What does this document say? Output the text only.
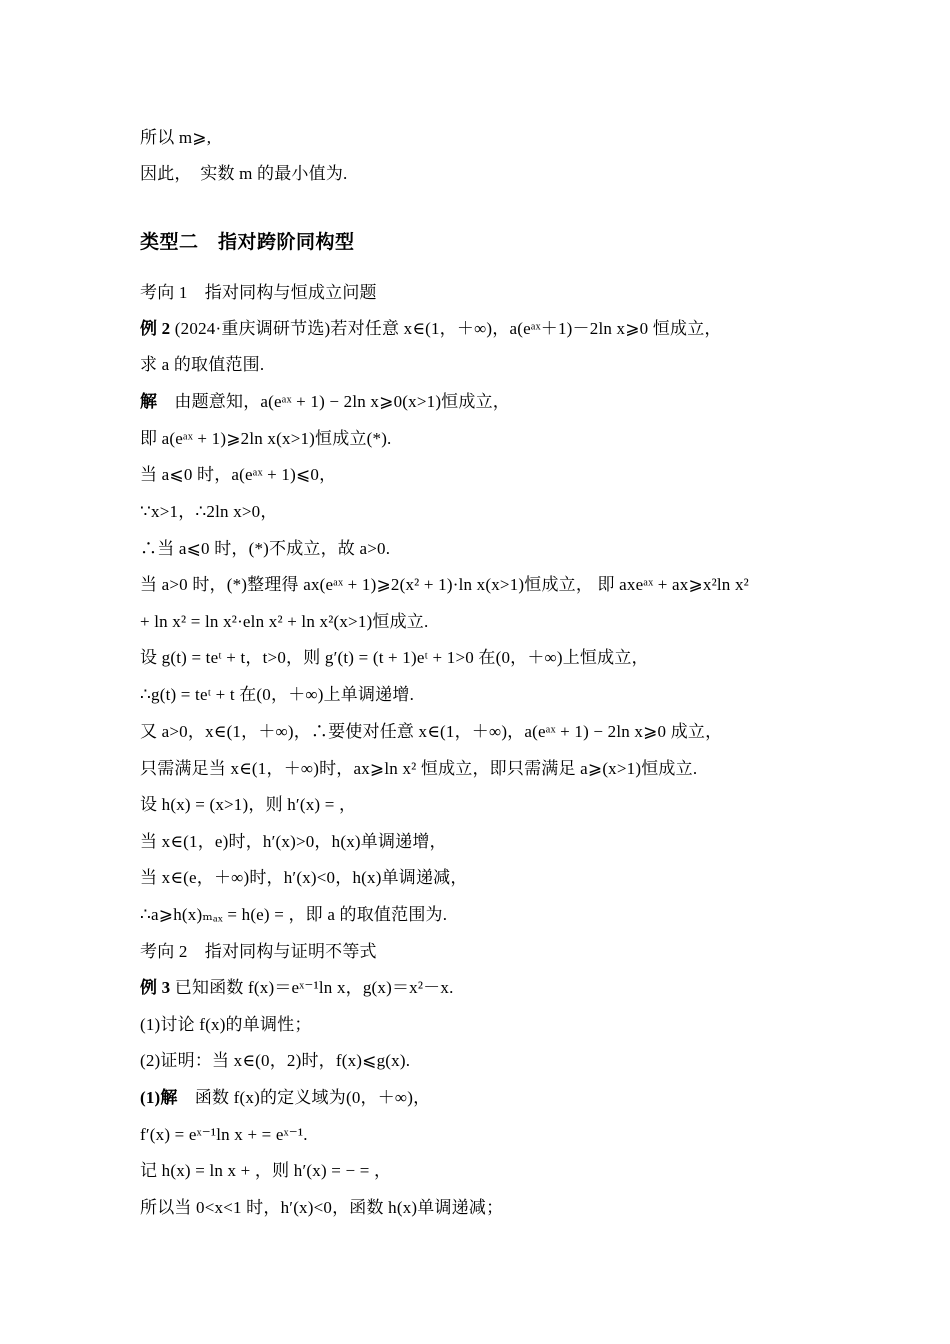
所以 m⩾,
因此，　实数 m 的最小值为.
类型二　指对跨阶同构型
考向 1　指对同构与恒成立问题
例 2 (2024·重庆调研节选)若对任意 x∈(1，＋∞)，a(eᵃˣ＋1)－2ln x⩾0 恒成立，
求 a 的取值范围.
解　由题意知，a(eᵃˣ + 1) − 2ln x⩾0(x>1)恒成立，
即 a(eᵃˣ + 1)⩾2ln x(x>1)恒成立(*).
当 a⩽0 时，a(eᵃˣ + 1)⩽0，
∵x>1，∴2ln x>0，
∴当 a⩽0 时，(*)不成立，故 a>0.
当 a>0 时，(*)整理得 ax(eᵃˣ + 1)⩾2(x² + 1)·ln x(x>1)恒成立， 即 axeᵃˣ + ax⩾x²ln x²
+ ln x² = ln x²·eln x² + ln x²(x>1)恒成立.
设 g(t) = teᵗ + t，t>0，则 g′(t) = (t + 1)eᵗ + 1>0 在(0，＋∞)上恒成立，
∴g(t) = teᵗ + t 在(0，＋∞)上单调递增.
又 a>0，x∈(1，＋∞)，∴要使对任意 x∈(1，＋∞)，a(eᵃˣ + 1) − 2ln x⩾0 成立，
只需满足当 x∈(1，＋∞)时，ax⩾ln x² 恒成立，即只需满足 a⩾(x>1)恒成立.
设 h(x) = (x>1)，则 h′(x) = ，
当 x∈(1，e)时，h′(x)>0，h(x)单调递增，
当 x∈(e，＋∞)时，h′(x)<0，h(x)单调递减，
∴a⩾h(x)ₘₐₓ = h(e) = ，即 a 的取值范围为.
考向 2　指对同构与证明不等式
例 3 已知函数 f(x)＝eˣ⁻¹ln x，g(x)＝x²－x.
(1)讨论 f(x)的单调性；
(2)证明：当 x∈(0，2)时，f(x)⩽g(x).
(1)解　函数 f(x)的定义域为(0，＋∞)，
f′(x) = eˣ⁻¹ln x + = eˣ⁻¹.
记 h(x) = ln x + ，则 h′(x) = − = ，
所以当 0<x<1 时，h′(x)<0，函数 h(x)单调递减；
